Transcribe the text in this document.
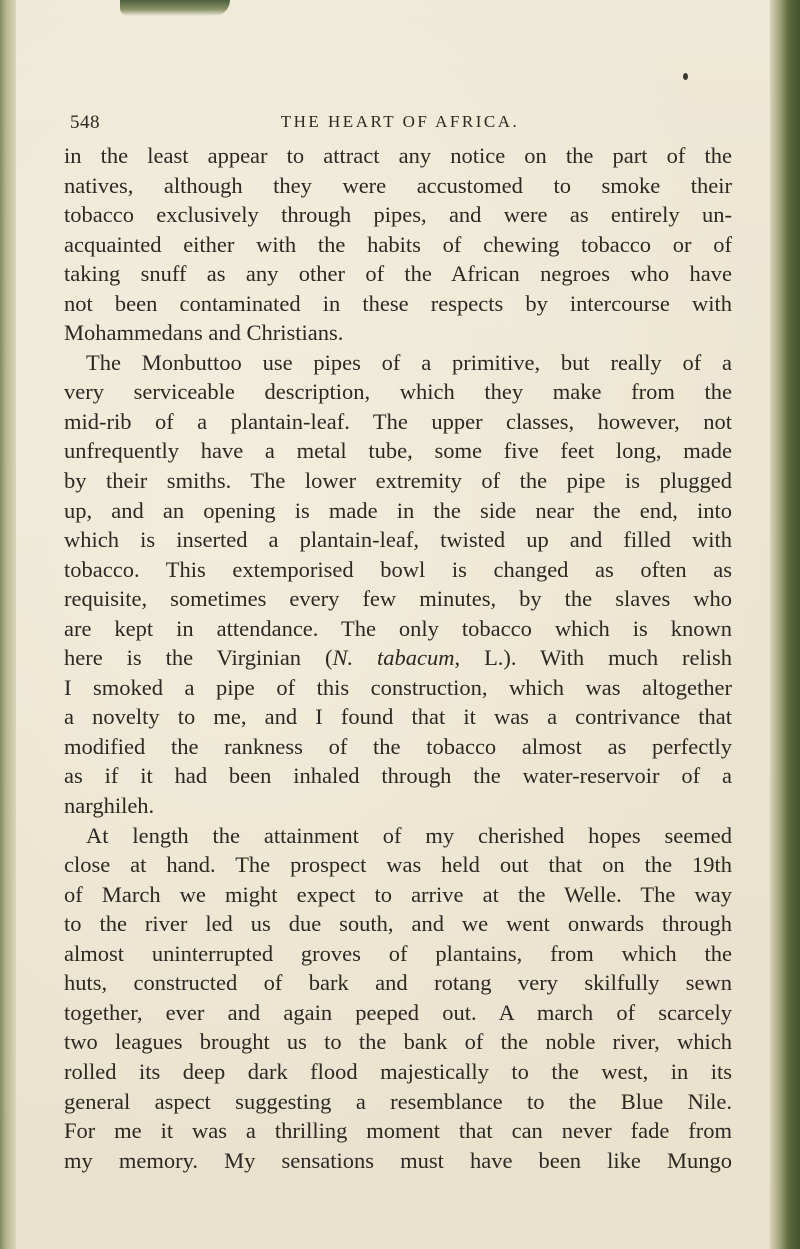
548	THE HEART OF AFRICA.
in the least appear to attract any notice on the part of the
natives, although they were accustomed to smoke their
tobacco exclusively through pipes, and were as entirely un-
acquainted either with the habits of chewing tobacco or of
taking snuff as any other of the African negroes who have
not been contaminated in these respects by intercourse with
Mohammedans and Christians.
The Monbuttoo use pipes of a primitive, but really of a
very serviceable description, which they make from the
mid-rib of a plantain-leaf. The upper classes, however, not
unfrequently have a metal tube, some five feet long, made
by their smiths. The lower extremity of the pipe is plugged
up, and an opening is made in the side near the end, into
which is inserted a plantain-leaf, twisted up and filled with
tobacco. This extemporised bowl is changed as often as
requisite, sometimes every few minutes, by the slaves who
are kept in attendance. The only tobacco which is known
here is the Virginian (N. tabacum, L.). With much relish
I smoked a pipe of this construction, which was altogether
a novelty to me, and I found that it was a contrivance that
modified the rankness of the tobacco almost as perfectly
as if it had been inhaled through the water-reservoir of a
narghileh.
At length the attainment of my cherished hopes seemed
close at hand. The prospect was held out that on the 19th
of March we might expect to arrive at the Welle. The way
to the river led us due south, and we went onwards through
almost uninterrupted groves of plantains, from which the
huts, constructed of bark and rotang very skilfully sewn
together, ever and again peeped out. A march of scarcely
two leagues brought us to the bank of the noble river, which
rolled its deep dark flood majestically to the west, in its
general aspect suggesting a resemblance to the Blue Nile.
For me it was a thrilling moment that can never fade from
my memory. My sensations must have been like Mungo
